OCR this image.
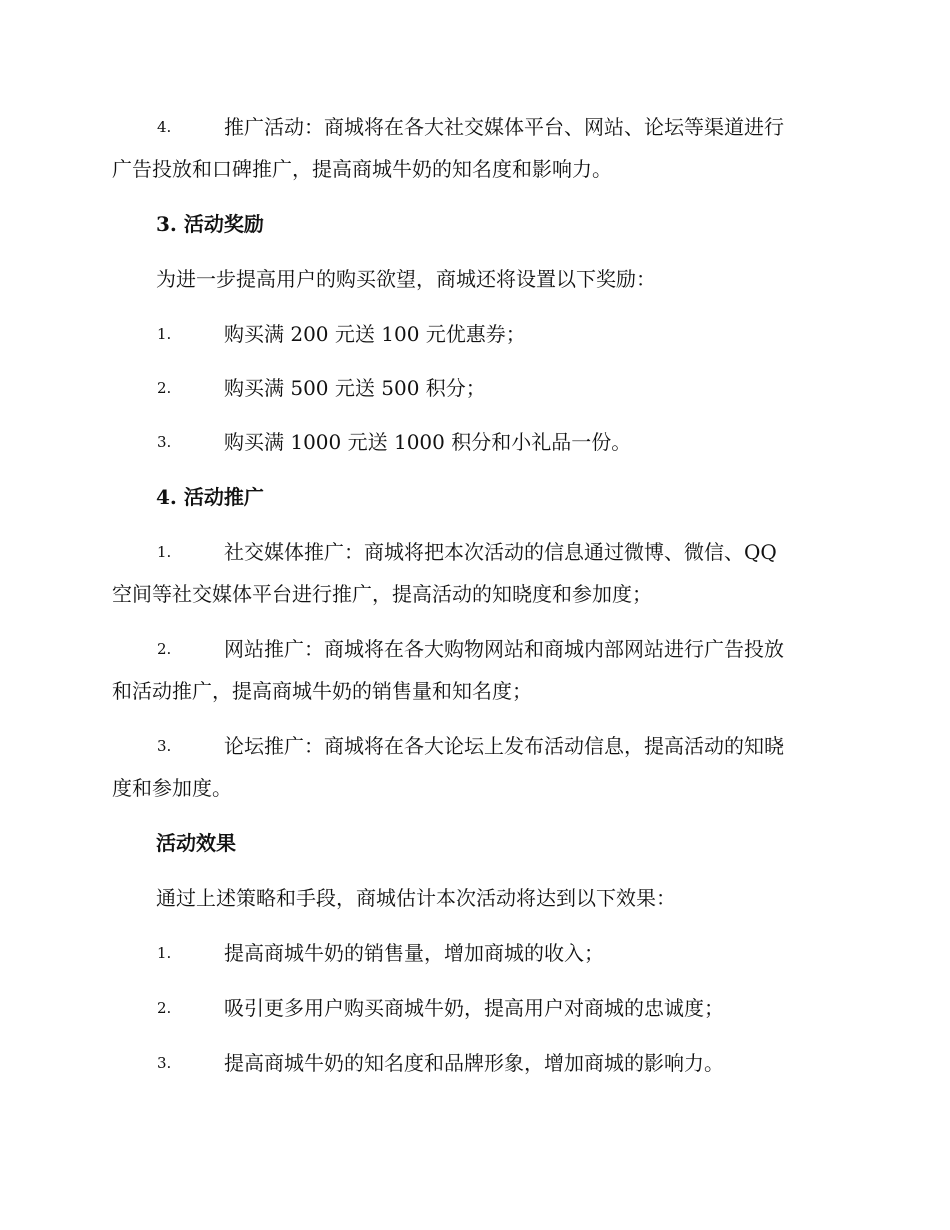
4.	推广活动：商城将在各大社交媒体平台、网站、论坛等渠道进行
广告投放和口碑推广，提高商城牛奶的知名度和影响力。
3. 活动奖励
为进一步提高用户的购买欲望，商城还将设置以下奖励：
1.	购买满 200 元送 100 元优惠券；
2.	购买满 500 元送 500 积分；
3.	购买满 1000 元送 1000 积分和小礼品一份。
4. 活动推广
1.	社交媒体推广：商城将把本次活动的信息通过微博、微信、QQ
空间等社交媒体平台进行推广，提高活动的知晓度和参加度；
2.	网站推广：商城将在各大购物网站和商城内部网站进行广告投放
和活动推广，提高商城牛奶的销售量和知名度；
3.	论坛推广：商城将在各大论坛上发布活动信息，提高活动的知晓
度和参加度。
活动效果
通过上述策略和手段，商城估计本次活动将达到以下效果：
1.	提高商城牛奶的销售量，增加商城的收入；
2.	吸引更多用户购买商城牛奶，提高用户对商城的忠诚度；
3.	提高商城牛奶的知名度和品牌形象，增加商城的影响力。
